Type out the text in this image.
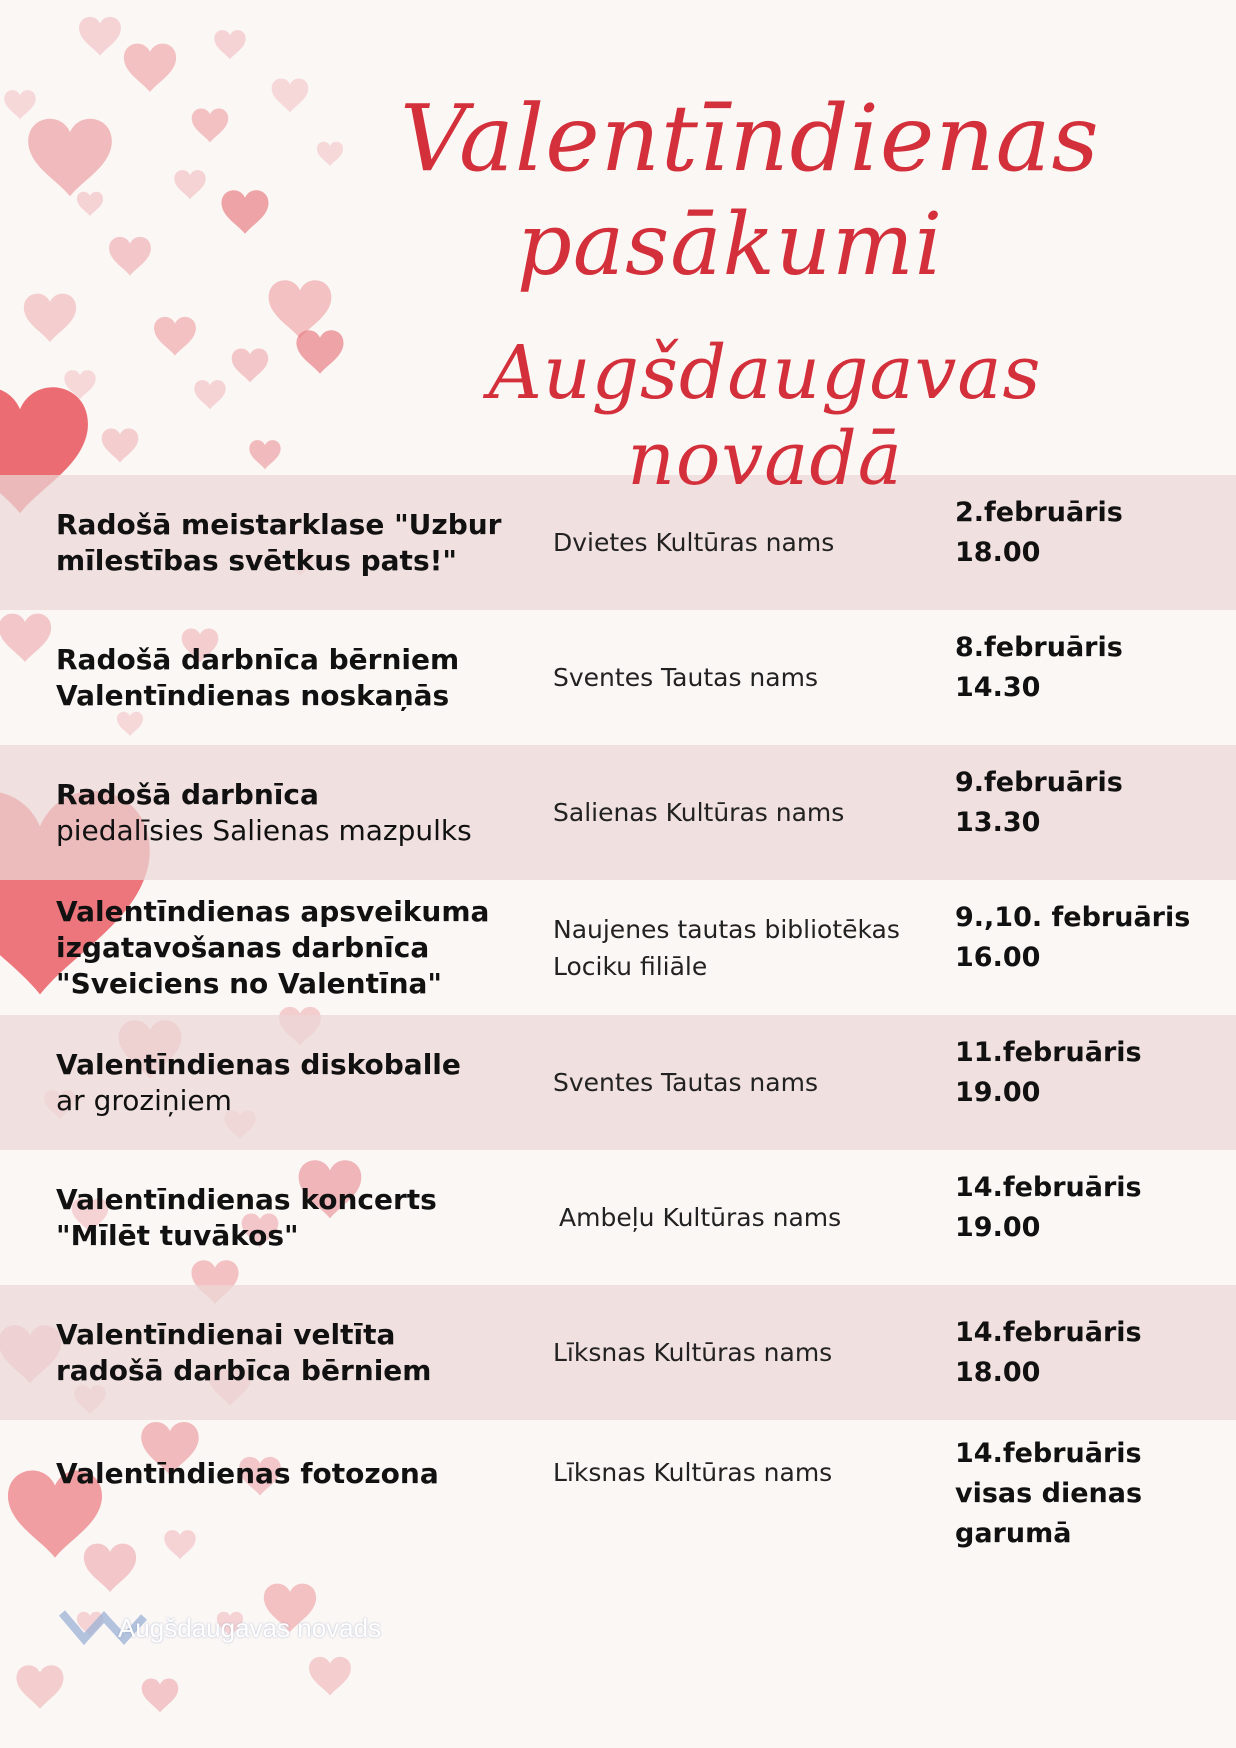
Valentīndienas
pasākumi
Augšdaugavas novadā
Radošā meistarklase "Uzbur
mīlestības svētkus pats!"
Dvietes Kultūras nams
2.februāris
18.00
Radošā darbnīca bērniem
Valentīndienas noskaņās
Sventes Tautas nams
8.februāris
14.30
Radošā darbnīca
piedalīsies Salienas mazpulks
Salienas Kultūras nams
9.februāris
13.30
Valentīndienas apsveikuma
izgatavošanas darbnīca
"Sveiciens no Valentīna"
Naujenes tautas bibliotēkas
Lociku filiāle
9.,10. februāris
16.00
Valentīndienas diskoballe
ar groziņiem
Sventes Tautas nams
11.februāris
19.00
Valentīndienas koncerts
"Mīlēt tuvākos"
Ambeļu Kultūras nams
14.februāris
19.00
Valentīndienai veltīta
radošā darbīca bērniem
Līksnas Kultūras nams
14.februāris
18.00
Valentīndienas fotozona	Līksnas Kultūras nams
14.februāris
visas dienas
garumā
Augšdaugavas novads
